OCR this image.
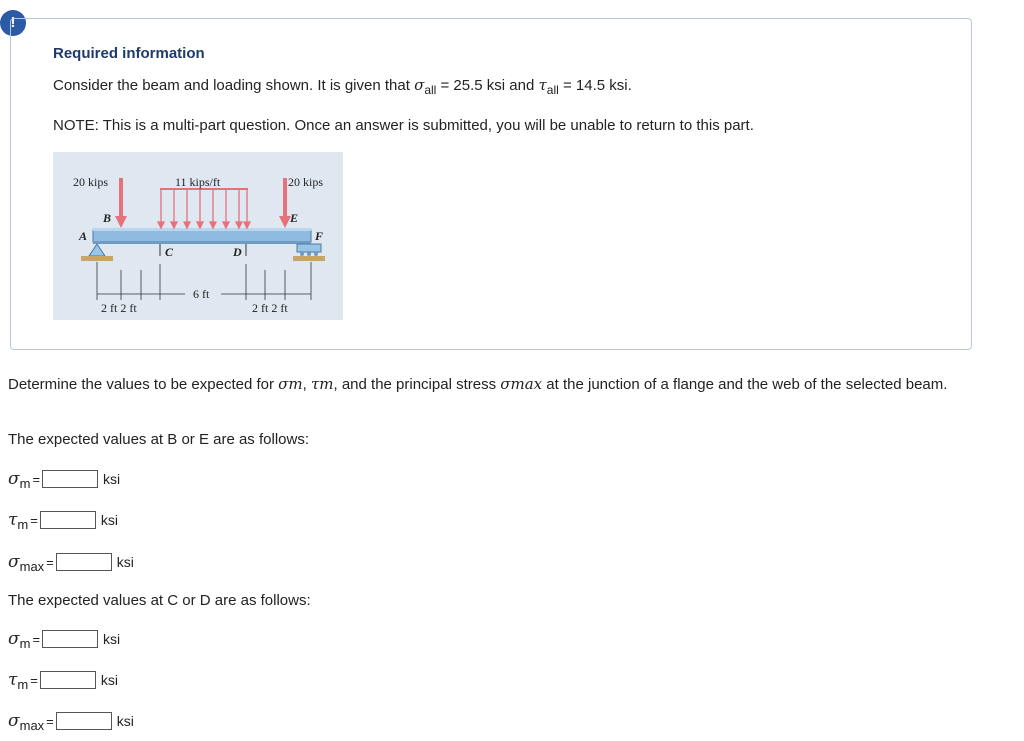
!
Required information
Consider the beam and loading shown. It is given that $\sigma_{all} = 25.5$ ksi and $\tau_{all} = 14.5$ ksi.
NOTE: This is a multi-part question. Once an answer is submitted, you will be unable to return to this part.
20 kips	11 kips/ft	20 kips
B
A
C	D
E
F
2 ft 2 ft
6 ft
2 ft 2 ft
Determine the values to be expected for σm, τm, and the principal stress σmax at the junction of a flange and the web of the selected beam.
The expected values at B or E are as follows:
$\sigma_m$ =	ksi
$\tau_m$ =	ksi
$\sigma_{max}$ =	ksi
The expected values at C or D are as follows:
$\sigma_m$ =	ksi
$\tau_m$ =	ksi
$\sigma_{max}$ =	ksi
